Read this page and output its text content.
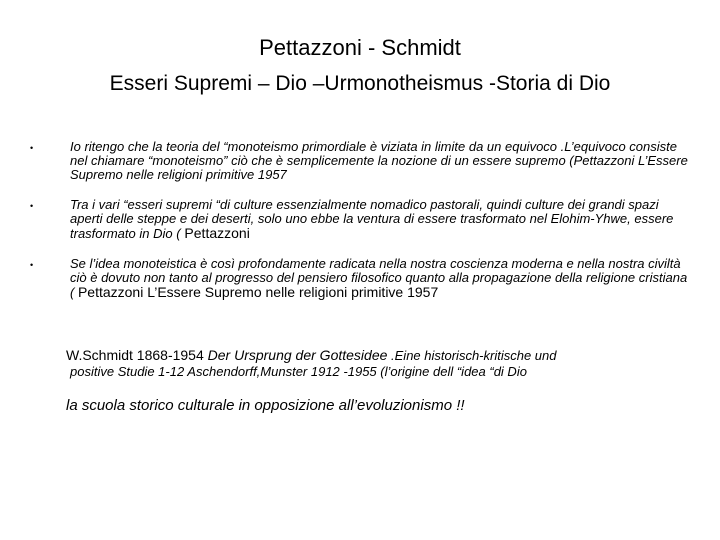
Pettazzoni - Schmidt
Esseri Supremi – Dio –Urmonotheismus -Storia di Dio
•	Io ritengo che la teoria del “monoteismo primordiale è viziata in limite da un equivoco .L’equivoco consiste nel chiamare “monoteismo” ciò che è semplicemente la nozione di un essere supremo (Pettazzoni L’Essere Supremo nelle religioni primitive 1957
•	Tra i vari “esseri supremi “di culture essenzialmente nomadico pastorali, quindi culture dei grandi spazi aperti delle steppe e dei deserti, solo uno ebbe la ventura di essere trasformato nel Elohim-Yhwe, essere trasformato in Dio ( Pettazzoni
•	Se l’idea monoteistica è così profondamente radicata nella nostra coscienza moderna e nella nostra civiltà ciò è dovuto non tanto al progresso del pensiero filosofico quanto alla propagazione della religione cristiana ( Pettazzoni L’Essere Supremo nelle religioni primitive 1957
W.Schmidt 1868-1954 Der Ursprung der Gottesidee .Eine historisch-kritische und
positive Studie 1-12 Aschendorff,Munster 1912 -1955 (l’origine dell “idea “di Dio
la scuola storico culturale in opposizione all’evoluzionismo !!
